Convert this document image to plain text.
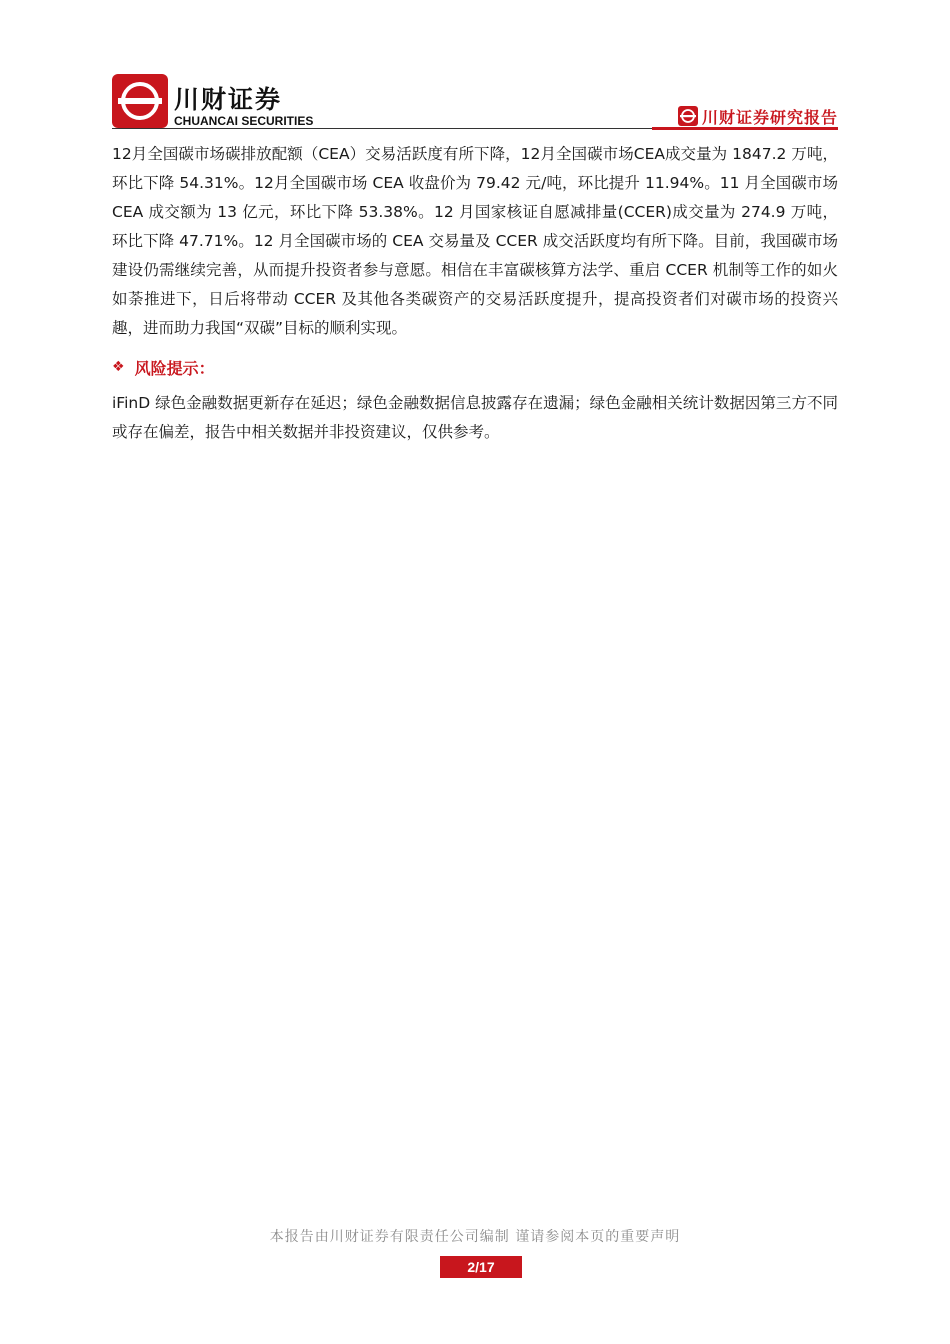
川财证券
CHUANCAI SECURITIES	川财证券研究报告

12月全国碳市场碳排放配额（CEA）交易活跃度有所下降，12月全国碳市场CEA成交量为 1847.2 万吨，环比下降 54.31%。12月全国碳市场 CEA 收盘价为 79.42 元/吨，环比提升 11.94%。11 月全国碳市场 CEA 成交额为 13 亿元，环比下降 53.38%。12 月国家核证自愿减排量(CCER)成交量为 274.9 万吨，环比下降 47.71%。12 月全国碳市场的 CEA 交易量及 CCER 成交活跃度均有所下降。目前，我国碳市场建设仍需继续完善，从而提升投资者参与意愿。相信在丰富碳核算方法学、重启 CCER 机制等工作的如火如荼推进下，日后将带动 CCER 及其他各类碳资产的交易活跃度提升，提高投资者们对碳市场的投资兴趣，进而助力我国“双碳”目标的顺利实现。

❖ 风险提示：

iFinD 绿色金融数据更新存在延迟；绿色金融数据信息披露存在遗漏；绿色金融相关统计数据因第三方不同或存在偏差，报告中相关数据并非投资建议，仅供参考。

本报告由川财证券有限责任公司编制 谨请参阅本页的重要声明
2/17
